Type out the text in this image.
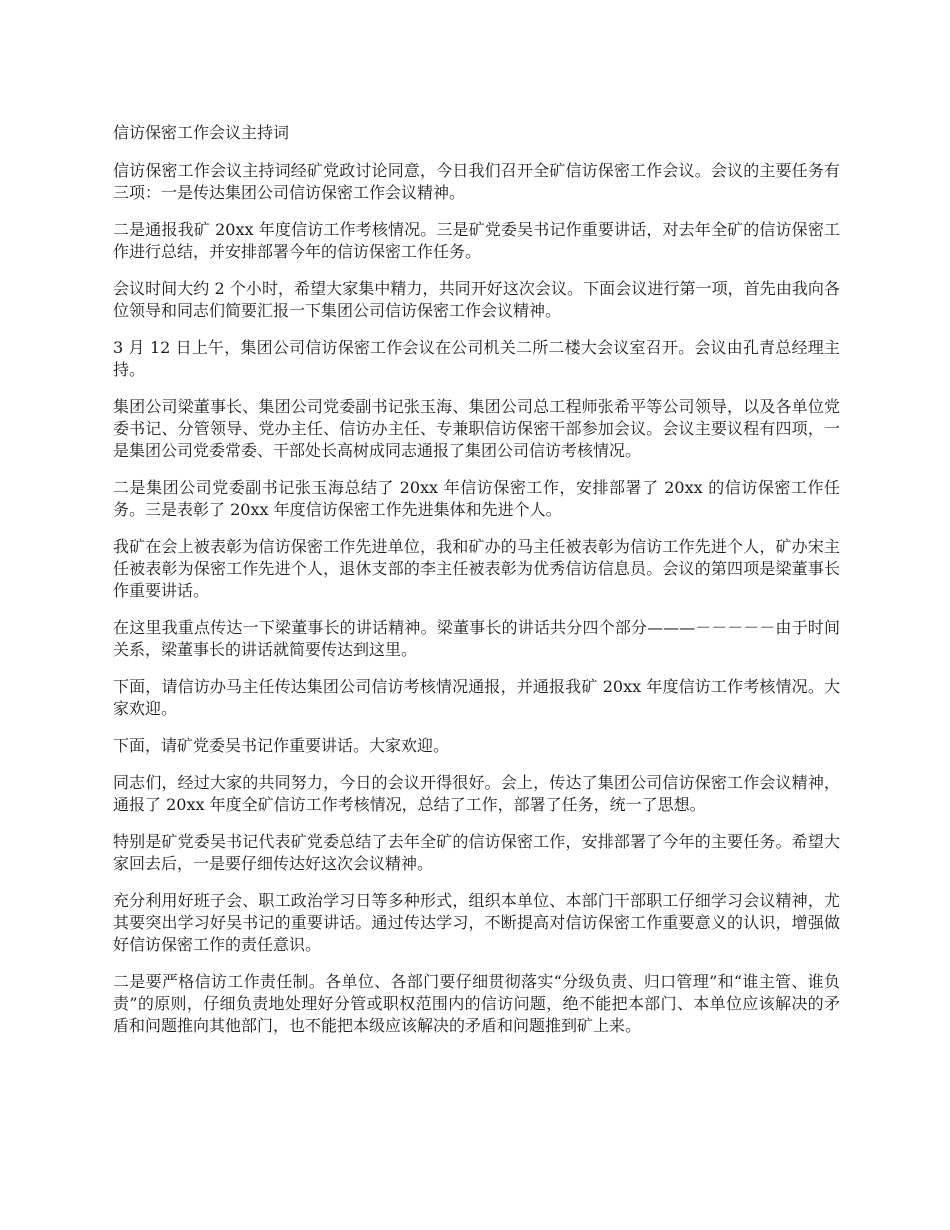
信访保密工作会议主持词

信访保密工作会议主持词经矿党政讨论同意，今日我们召开全矿信访保密工作会议。会议的主要任务有三项：一是传达集团公司信访保密工作会议精神。

二是通报我矿 20xx 年度信访工作考核情况。三是矿党委吴书记作重要讲话，对去年全矿的信访保密工作进行总结，并安排部署今年的信访保密工作任务。

会议时间大约 2 个小时，希望大家集中精力，共同开好这次会议。下面会议进行第一项，首先由我向各位领导和同志们简要汇报一下集团公司信访保密工作会议精神。

3 月 12 日上午，集团公司信访保密工作会议在公司机关二所二楼大会议室召开。会议由孔青总经理主持。

集团公司梁董事长、集团公司党委副书记张玉海、集团公司总工程师张希平等公司领导，以及各单位党委书记、分管领导、党办主任、信访办主任、专兼职信访保密干部参加会议。会议主要议程有四项，一是集团公司党委常委、干部处长高树成同志通报了集团公司信访考核情况。

二是集团公司党委副书记张玉海总结了 20xx 年信访保密工作，安排部署了 20xx 的信访保密工作任务。三是表彰了 20xx 年度信访保密工作先进集体和先进个人。

我矿在会上被表彰为信访保密工作先进单位，我和矿办的马主任被表彰为信访工作先进个人，矿办宋主任被表彰为保密工作先进个人，退休支部的李主任被表彰为优秀信访信息员。会议的第四项是梁董事长作重要讲话。

在这里我重点传达一下梁董事长的讲话精神。梁董事长的讲话共分四个部分———－－－－－由于时间关系，梁董事长的讲话就简要传达到这里。

下面，请信访办马主任传达集团公司信访考核情况通报，并通报我矿 20xx 年度信访工作考核情况。大家欢迎。

下面，请矿党委吴书记作重要讲话。大家欢迎。

同志们，经过大家的共同努力，今日的会议开得很好。会上，传达了集团公司信访保密工作会议精神，通报了 20xx 年度全矿信访工作考核情况，总结了工作，部署了任务，统一了思想。

特别是矿党委吴书记代表矿党委总结了去年全矿的信访保密工作，安排部署了今年的主要任务。希望大家回去后，一是要仔细传达好这次会议精神。

充分利用好班子会、职工政治学习日等多种形式，组织本单位、本部门干部职工仔细学习会议精神，尤其要突出学习好吴书记的重要讲话。通过传达学习，不断提高对信访保密工作重要意义的认识，增强做好信访保密工作的责任意识。

二是要严格信访工作责任制。各单位、各部门要仔细贯彻落实“分级负责、归口管理”和“谁主管、谁负责”的原则，仔细负责地处理好分管或职权范围内的信访问题，绝不能把本部门、本单位应该解决的矛盾和问题推向其他部门，也不能把本级应该解决的矛盾和问题推到矿上来。
